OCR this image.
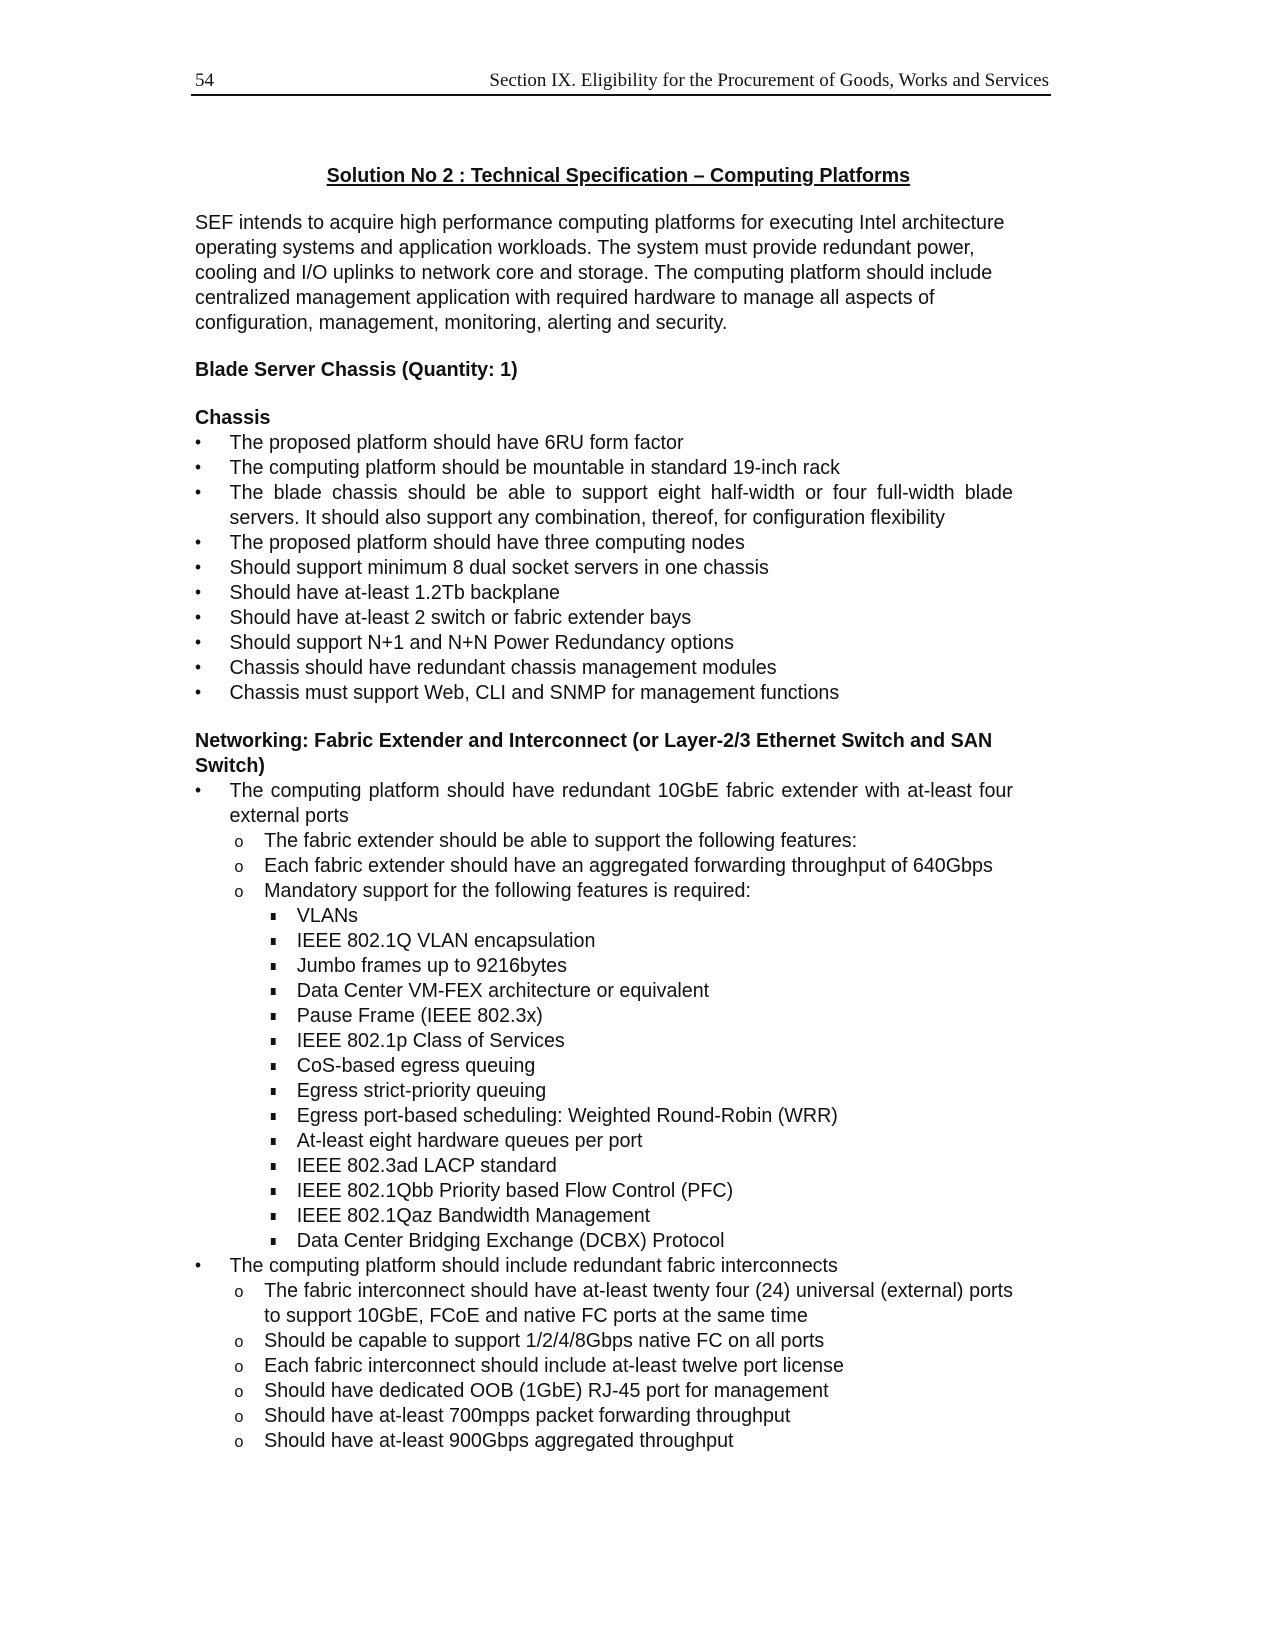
54	Section IX. Eligibility for the Procurement of Goods, Works and Services
Solution No 2 : Technical Specification – Computing Platforms
SEF intends to acquire high performance computing platforms for executing Intel architecture operating systems and application workloads. The system must provide redundant power, cooling and I/O uplinks to network core and storage. The computing platform should include centralized management application with required hardware to manage all aspects of configuration, management, monitoring, alerting and security.
Blade Server Chassis (Quantity: 1)
Chassis
• The proposed platform should have 6RU form factor
• The computing platform should be mountable in standard 19-inch rack
• The blade chassis should be able to support eight half-width or four full-width blade servers. It should also support any combination, thereof, for configuration flexibility
• The proposed platform should have three computing nodes
• Should support minimum 8 dual socket servers in one chassis
• Should have at-least 1.2Tb backplane
• Should have at-least 2 switch or fabric extender bays
• Should support N+1 and N+N Power Redundancy options
• Chassis should have redundant chassis management modules
• Chassis must support Web, CLI and SNMP for management functions
Networking: Fabric Extender and Interconnect (or Layer-2/3 Ethernet Switch and SAN Switch)
• The computing platform should have redundant 10GbE fabric extender with at-least four external ports
o The fabric extender should be able to support the following features:
o Each fabric extender should have an aggregated forwarding throughput of 640Gbps
o Mandatory support for the following features is required:
VLANs
IEEE 802.1Q VLAN encapsulation
Jumbo frames up to 9216bytes
Data Center VM-FEX architecture or equivalent
Pause Frame (IEEE 802.3x)
IEEE 802.1p Class of Services
CoS-based egress queuing
Egress strict-priority queuing
Egress port-based scheduling: Weighted Round-Robin (WRR)
At-least eight hardware queues per port
IEEE 802.3ad LACP standard
IEEE 802.1Qbb Priority based Flow Control (PFC)
IEEE 802.1Qaz Bandwidth Management
Data Center Bridging Exchange (DCBX) Protocol
• The computing platform should include redundant fabric interconnects
o The fabric interconnect should have at-least twenty four (24) universal (external) ports to support 10GbE, FCoE and native FC ports at the same time
o Should be capable to support 1/2/4/8Gbps native FC on all ports
o Each fabric interconnect should include at-least twelve port license
o Should have dedicated OOB (1GbE) RJ-45 port for management
o Should have at-least 700mpps packet forwarding throughput
o Should have at-least 900Gbps aggregated throughput
